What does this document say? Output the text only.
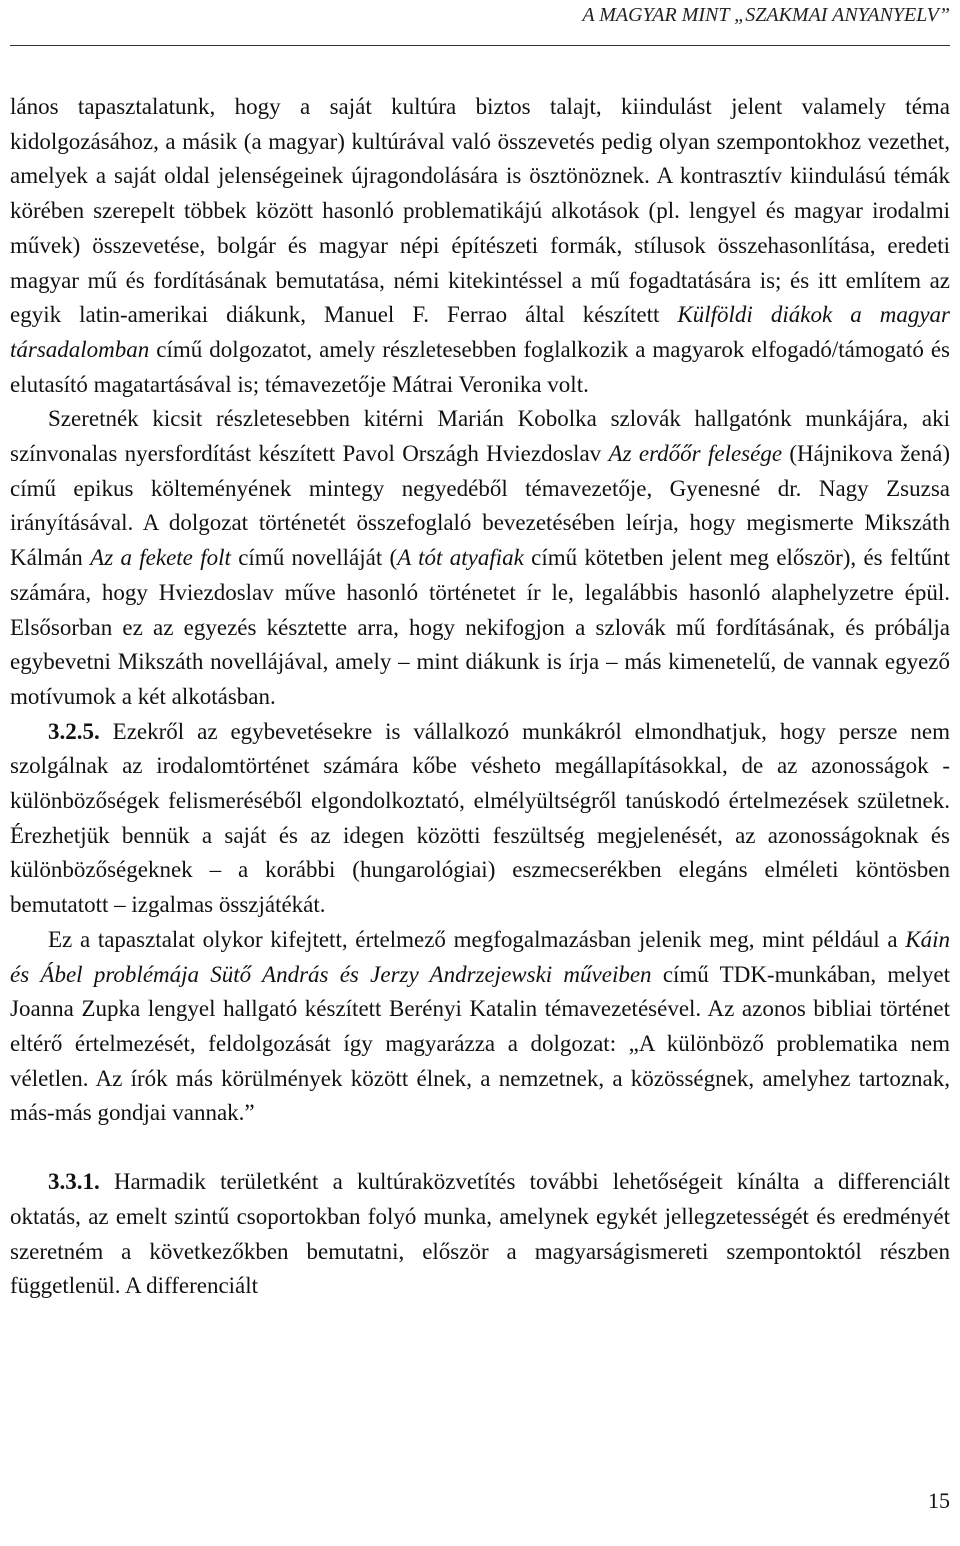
A MAGYAR MINT „SZAKMAI ANYANYELV”

lános tapasztalatunk, hogy a saját kultúra biztos talajt, kiindulást jelent valamely téma kidolgozásához, a másik (a magyar) kultúrával való összevetés pedig olyan szempontokhoz vezethet, amelyek a saját oldal jelenségeinek újragondolására is ösztönöznek. A kontrasztív kiindulású témák körében szerepelt többek között hasonló problematikájú alkotások (pl. lengyel és magyar irodalmi művek) összevetése, bolgár és magyar népi építészeti formák, stílusok összehasonlítása, eredeti magyar mű és fordításának bemutatása, némi kitekintéssel a mű fogadtatására is; és itt említem az egyik latin-amerikai diákunk, Manuel F. Ferrao által készített Külföldi diákok a magyar társadalomban című dolgozatot, amely részletesebben foglalkozik a magyarok elfogadó/támogató és elutasító magatartásával is; témavezetője Mátrai Veronika volt.

Szeretnék kicsit részletesebben kitérni Marián Kobolka szlovák hallgatónk munkájára, aki színvonalas nyersfordítást készített Pavol Országh Hviezdoslav Az erdőőr felesége (Hájnikova žená) című epikus költeményének mintegy negyedéből témavezetője, Gyenesné dr. Nagy Zsuzsa irányításával. A dolgozat történetét összefoglaló bevezetésében leírja, hogy megismerte Mikszáth Kálmán Az a fekete folt című novelláját (A tót atyafiak című kötetben jelent meg először), és feltűnt számára, hogy Hviezdoslav műve hasonló történetet ír le, legalábbis hasonló alaphelyzetre épül. Elsősorban ez az egyezés késztette arra, hogy nekifogjon a szlovák mű fordításának, és próbálja egybevetni Mikszáth novellájával, amely – mint diákunk is írja – más kimenetelű, de vannak egyező motívumok a két alkotásban.

3.2.5. Ezekről az egybevetésekre is vállalkozó munkákról elmondhatjuk, hogy persze nem szolgálnak az irodalomtörténet számára kőbe vésheto megállapításokkal, de az azonosságok - különbözőségek felismeréséből elgondolkoztató, elmélyültségről tanúskodó értelmezések születnek. Érezhetjük bennük a saját és az idegen közötti feszültség megjelenését, az azonosságoknak és különbözőségeknek – a korábbi (hungarológiai) eszmecserékben elegáns elméleti köntösben bemutatott – izgalmas összjátékát.

Ez a tapasztalat olykor kifejtett, értelmező megfogalmazásban jelenik meg, mint például a Káin és Ábel problémája Sütő András és Jerzy Andrzejewski műveiben című TDK-munkában, melyet Joanna Zupka lengyel hallgató készített Berényi Katalin témavezetésével. Az azonos bibliai történet eltérő értelmezését, feldolgozását így magyarázza a dolgozat: „A különböző problematika nem véletlen. Az írók más körülmények között élnek, a nemzetnek, a közösségnek, amelyhez tartoznak, más-más gondjai vannak.”

3.3.1. Harmadik területként a kultúraközvetítés további lehetőségeit kínálta a differenciált oktatás, az emelt szintű csoportokban folyó munka, amelynek egykét jellegzetességét és eredményét szeretném a következőkben bemutatni, először a magyarságismereti szempontoktól részben függetlenül. A differenciált

15
